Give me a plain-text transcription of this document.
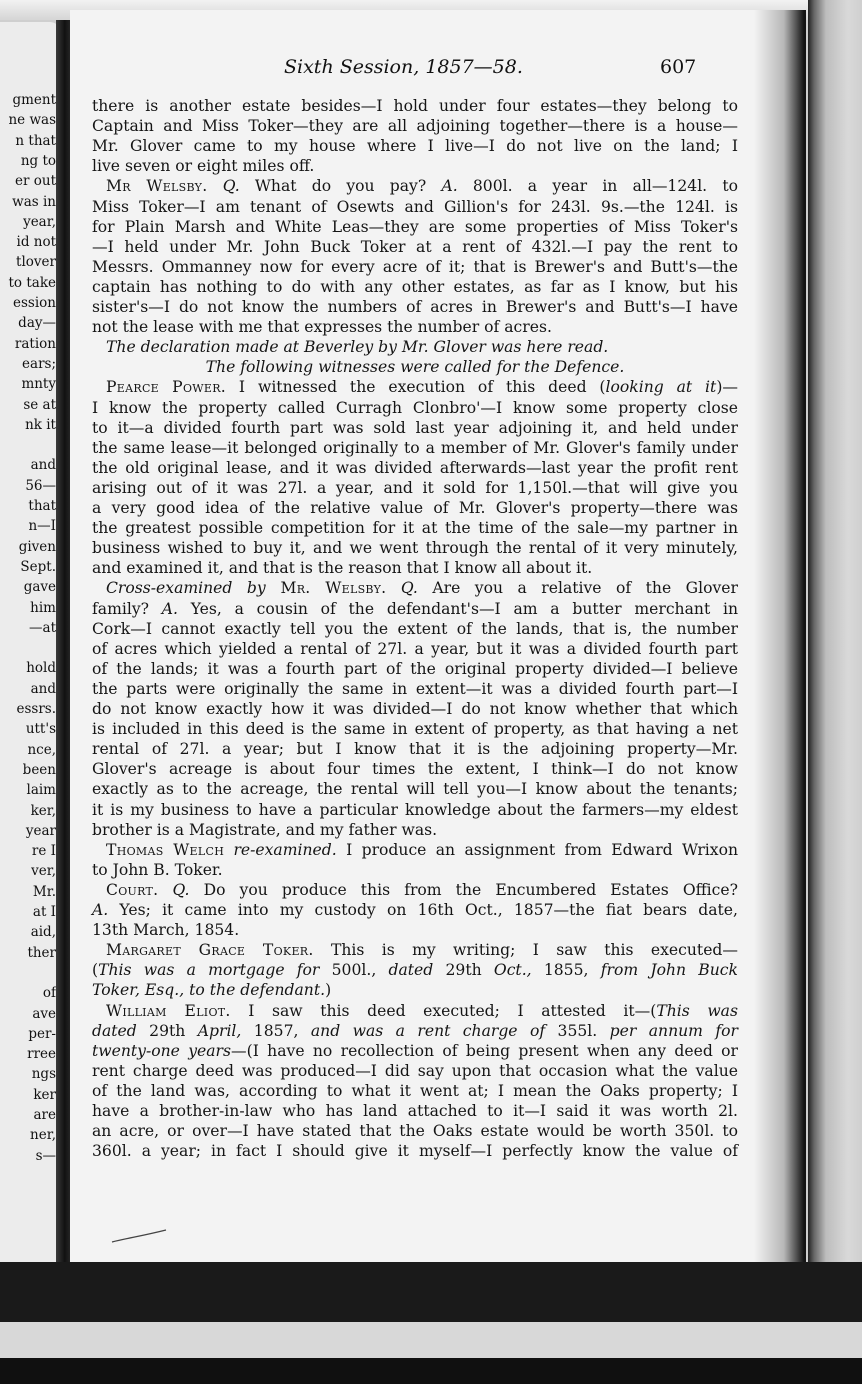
gment
ne was
n that
ng to
er out
was in
year,
id not
tlover
to take
ession
day—
ration
ears;
mnty
se at
nk it
and
56—
that
n—I
given
Sept.
gave
him
—at
hold
and
essrs.
utt's
nce,
been
laim
ker,
year
re I
ver,
Mr.
at I
aid,
ther
of
ave
per-
rree
ngs
ker
are
ner,
s—
Sixth Session, 1857—58.	607
there is another estate besides—I hold under four estates—they belong to
Captain and Miss Toker—they are all adjoining together—there is a house—
Mr. Glover came to my house where I live—I do not live on the land; I
live seven or eight miles off.
Mr Welsby. Q. What do you pay? A. 800l. a year in all—124l. to
Miss Toker—I am tenant of Osewts and Gillion's for 243l. 9s.—the 124l. is
for Plain Marsh and White Leas—they are some properties of Miss Toker's
—I held under Mr. John Buck Toker at a rent of 432l.—I pay the rent to
Messrs. Ommanney now for every acre of it; that is Brewer's and Butt's—the
captain has nothing to do with any other estates, as far as I know, but his
sister's—I do not know the numbers of acres in Brewer's and Butt's—I have
not the lease with me that expresses the number of acres.
The declaration made at Beverley by Mr. Glover was here read.
The following witnesses were called for the Defence.
Pearce Power. I witnessed the execution of this deed (looking at it)—
I know the property called Curragh Clonbro'—I know some property close
to it—a divided fourth part was sold last year adjoining it, and held under
the same lease—it belonged originally to a member of Mr. Glover's family under
the old original lease, and it was divided afterwards—last year the profit rent
arising out of it was 27l. a year, and it sold for 1,150l.—that will give you
a very good idea of the relative value of Mr. Glover's property—there was
the greatest possible competition for it at the time of the sale—my partner in
business wished to buy it, and we went through the rental of it very minutely,
and examined it, and that is the reason that I know all about it.
Cross-examined by Mr. Welsby. Q. Are you a relative of the Glover
family? A. Yes, a cousin of the defendant's—I am a butter merchant in
Cork—I cannot exactly tell you the extent of the lands, that is, the number
of acres which yielded a rental of 27l. a year, but it was a divided fourth part
of the lands; it was a fourth part of the original property divided—I believe
the parts were originally the same in extent—it was a divided fourth part—I
do not know exactly how it was divided—I do not know whether that which
is included in this deed is the same in extent of property, as that having a net
rental of 27l. a year; but I know that it is the adjoining property—Mr.
Glover's acreage is about four times the extent, I think—I do not know
exactly as to the acreage, the rental will tell you—I know about the tenants;
it is my business to have a particular knowledge about the farmers—my eldest
brother is a Magistrate, and my father was.
Thomas Welch re-examined. I produce an assignment from Edward Wrixon
to John B. Toker.
Court. Q. Do you produce this from the Encumbered Estates Office?
A. Yes; it came into my custody on 16th Oct., 1857—the fiat bears date,
13th March, 1854.
Margaret Grace Toker. This is my writing; I saw this executed—
(This was a mortgage for 500l., dated 29th Oct., 1855, from John Buck
Toker, Esq., to the defendant.)
William Eliot. I saw this deed executed; I attested it—(This was
dated 29th April, 1857, and was a rent charge of 355l. per annum for
twenty-one years—(I have no recollection of being present when any deed or
rent charge deed was produced—I did say upon that occasion what the value
of the land was, according to what it went at; I mean the Oaks property; I
have a brother-in-law who has land attached to it—I said it was worth 2l.
an acre, or over—I have stated that the Oaks estate would be worth 350l. to
360l. a year; in fact I should give it myself—I perfectly know the value of
